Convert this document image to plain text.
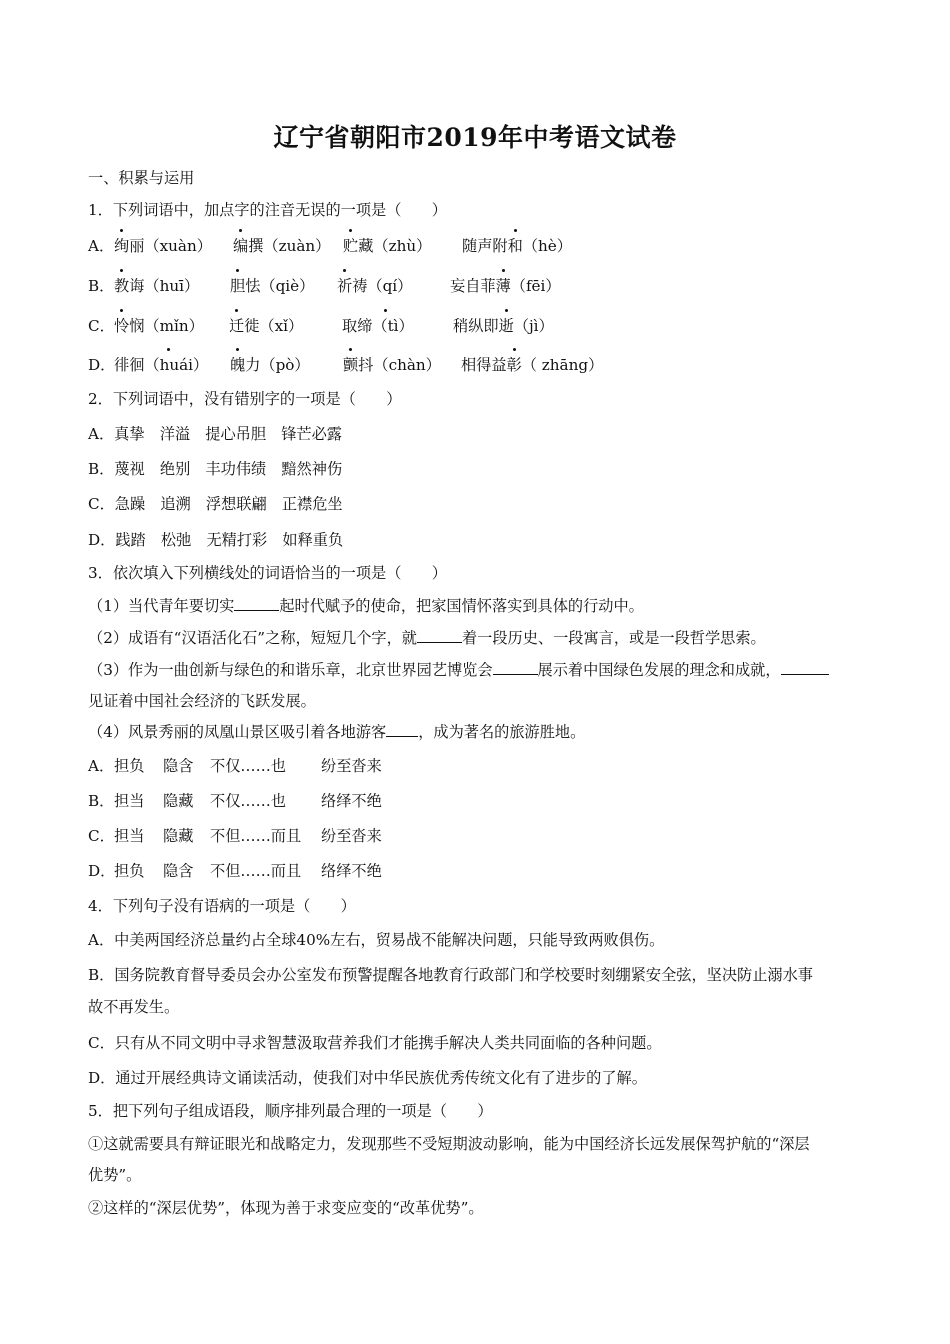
辽宁省朝阳市2019年中考语文试卷
一、积累与运用
1．下列词语中，加点字的注音无误的一项是（　　）
A． 绚丽（xuàn） 编撰（zuàn） 贮藏（zhù） 随声附和（hè）
B． 教诲（huī） 胆怯（qiè） 祈祷（qí） 妄自菲薄（fēi）
C． 怜悯（mǐn） 迁徙（xǐ）	取缔（tì）	稍纵即逝（jì）
D．
徘徊（huái） 魄力（pò） 颤抖（chàn） 相得益彰（ zhāng）
2．下列词语中，没有错别字的一项是（　　）
A．真挚　洋溢　提心吊胆　锋芒必露
B．蔑视　绝别　丰功伟绩　黯然神伤
C．急躁　追溯　浮想联翩　正襟危坐
D．践踏　松弛　无精打彩　如释重负
3．依次填入下列横线处的词语恰当的一项是（　　）
（1）当代青年要切实	起时代赋予的使命，把家国情怀落实到具体的行动中。
（2）成语有“汉语活化石”之称，短短几个字，就	着一段历史、一段寓言，或是一段哲学思索。
（3）作为一曲创新与绿色的和谐乐章，北京世界园艺博览会	展示着中国绿色发展的理念和成就，
见证着中国社会经济的飞跃发展。
（4）风景秀丽的凤凰山景区吸引着各地游客 ，成为著名的旅游胜地。
A． 担负 隐含 不仅……也 纷至沓来
B． 担当 隐藏 不仅……也 络绎不绝
C． 担当 隐藏 不但……而且 纷至沓来
D．
担负 隐含 不但……而且 络绎不绝
4．下列句子没有语病的一项是（　　）
A．中美两国经济总量约占全球40%左右，贸易战不能解决问题，只能导致两败俱伤。
B．国务院教育督导委员会办公室发布预警提醒各地教育行政部门和学校要时刻绷紧安全弦，坚决防止溺水事
故不再发生。
C．只有从不同文明中寻求智慧汲取营养我们才能携手解决人类共同面临的各种问题。
D．通过开展经典诗文诵读活动，使我们对中华民族优秀传统文化有了进步的了解。
5．把下列句子组成语段，顺序排列最合理的一项是（　　）
①这就需要具有辩证眼光和战略定力，发现那些不受短期波动影响，能为中国经济长远发展保驾护航的“深层
优势”。
②这样的“深层优势”，体现为善于求变应变的“改革优势”。
